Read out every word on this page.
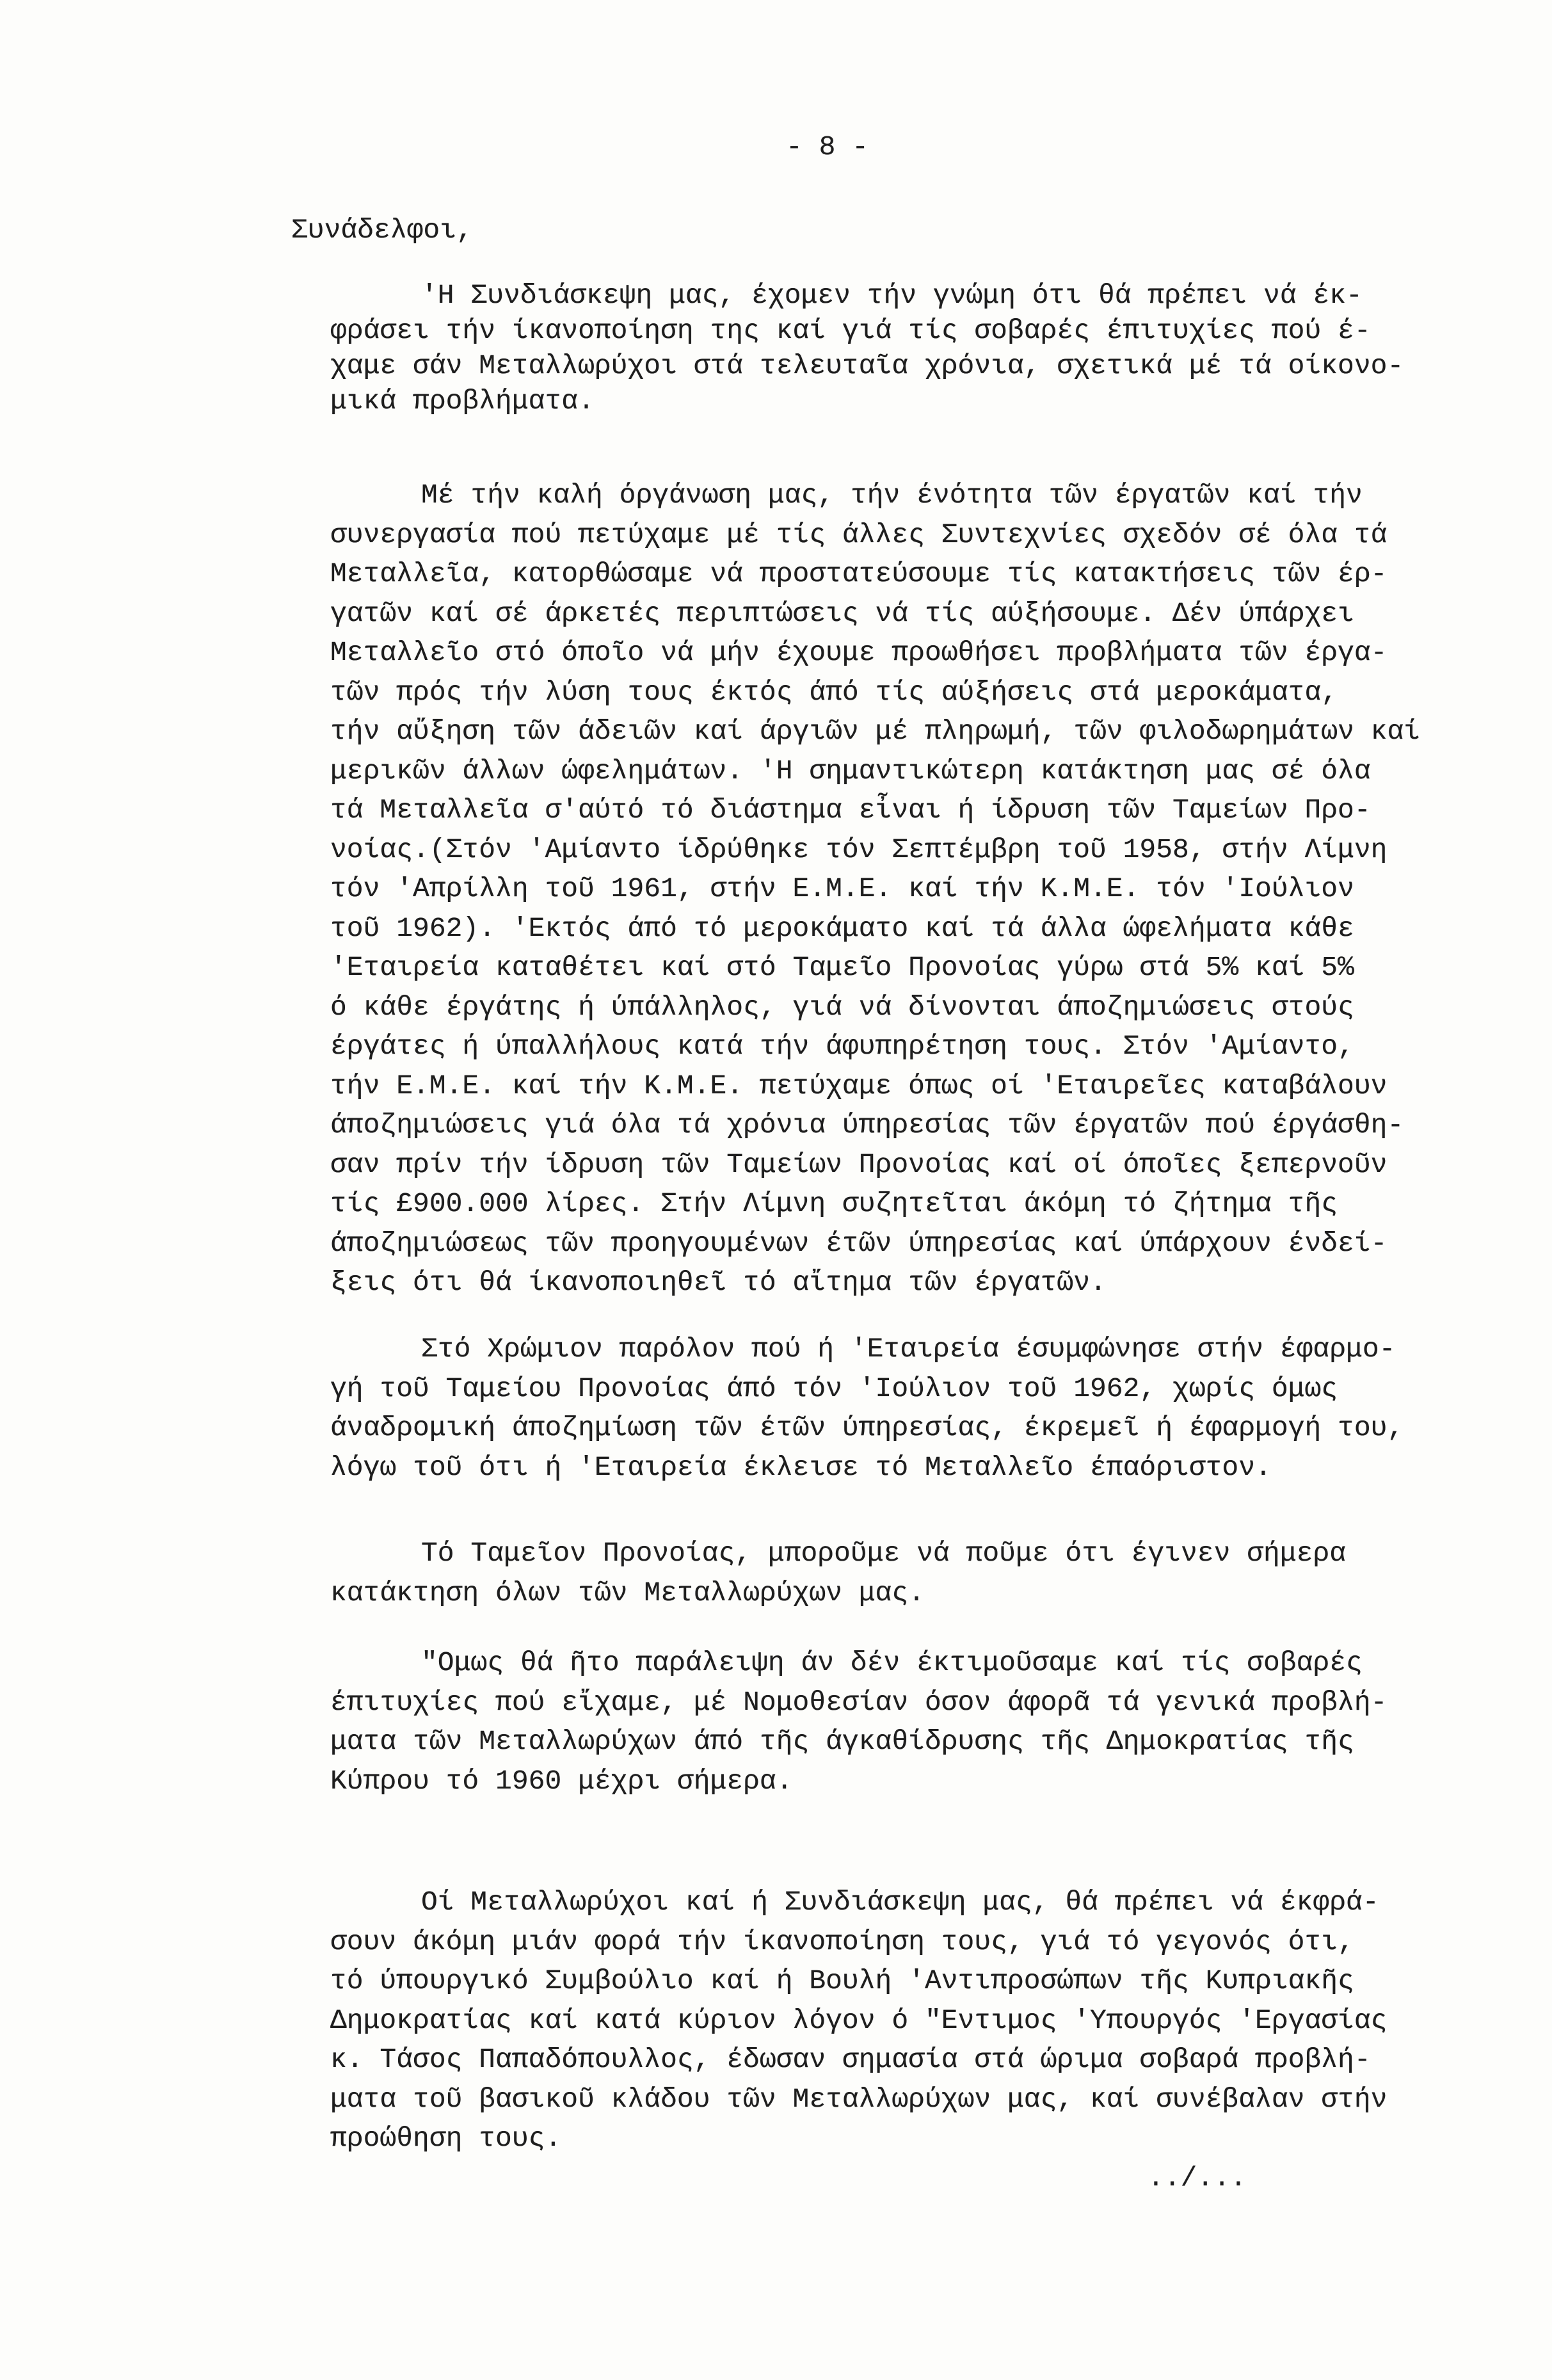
- 8 -
Συνάδελφοι,
'Η Συνδιάσκεψη μας, έχομεν τήν γνώμη ότι θά πρέπει νά έκ-
φράσει τήν ίκανοποίηση της καί γιά τίς σοβαρές έπιτυχίες πού έ-
χαμε σάν Μεταλλωρύχοι στά τελευταῖα χρόνια, σχετικά μέ τά οίκονο-
μικά προβλήματα.
Μέ τήν καλή όργάνωση μας, τήν ένότητα τῶν έργατῶν καί τήν
συνεργασία πού πετύχαμε μέ τίς άλλες Συντεχνίες σχεδόν σέ όλα τά
Μεταλλεῖα, κατορθώσαμε νά προστατεύσουμε τίς κατακτήσεις τῶν έρ-
γατῶν καί σέ άρκετές περιπτώσεις νά τίς αύξήσουμε. Δέν ύπάρχει
Μεταλλεῖο στό όποῖο νά μήν έχουμε προωθήσει προβλήματα τῶν έργα-
τῶν πρός τήν λύση τους έκτός άπό τίς αύξήσεις στά μεροκάματα,
τήν αὔξηση τῶν άδειῶν καί άργιῶν μέ πληρωμή, τῶν φιλοδωρημάτων καί
μερικῶν άλλων ώφελημάτων. 'Η σημαντικώτερη κατάκτηση μας σέ όλα
τά Μεταλλεῖα σ'αύτό τό διάστημα εἶναι ή ίδρυση τῶν Ταμείων Προ-
νοίας.(Στόν 'Αμίαντο ίδρύθηκε τόν Σεπτέμβρη τοῦ 1958, στήν Λίμνη
τόν 'Απρίλλη τοῦ 1961, στήν Ε.Μ.Ε. καί τήν Κ.Μ.Ε. τόν 'Ιούλιον
τοῦ 1962). 'Εκτός άπό τό μεροκάματο καί τά άλλα ώφελήματα κάθε
'Εταιρεία καταθέτει καί στό Ταμεῖο Προνοίας γύρω στά 5% καί 5%
ό κάθε έργάτης ή ύπάλληλος, γιά νά δίνονται άποζημιώσεις στούς
έργάτες ή ύπαλλήλους κατά τήν άφυπηρέτηση τους. Στόν 'Αμίαντο,
τήν Ε.Μ.Ε. καί τήν Κ.Μ.Ε. πετύχαμε όπως οί 'Εταιρεῖες καταβάλουν
άποζημιώσεις γιά όλα τά χρόνια ύπηρεσίας τῶν έργατῶν πού έργάσθη-
σαν πρίν τήν ίδρυση τῶν Ταμείων Προνοίας καί οί όποῖες ξεπερνοῦν
τίς £900.000 λίρες. Στήν Λίμνη συζητεῖται άκόμη τό ζήτημα τῆς
άποζημιώσεως τῶν προηγουμένων έτῶν ύπηρεσίας καί ύπάρχουν ένδεί-
ξεις ότι θά ίκανοποιηθεῖ τό αἴτημα τῶν έργατῶν.
Στό Χρώμιον παρόλον πού ή 'Εταιρεία έσυμφώνησε στήν έφαρμο-
γή τοῦ Ταμείου Προνοίας άπό τόν 'Ιούλιον τοῦ 1962, χωρίς όμως
άναδρομική άποζημίωση τῶν έτῶν ύπηρεσίας, έκρεμεῖ ή έφαρμογή του,
λόγω τοῦ ότι ή 'Εταιρεία έκλεισε τό Μεταλλεῖο έπαόριστον.
Τό Ταμεῖον Προνοίας, μποροῦμε νά ποῦμε ότι έγινεν σήμερα
κατάκτηση όλων τῶν Μεταλλωρύχων μας.
"Ομως θά ῆτο παράλειψη άν δέν έκτιμοῦσαμε καί τίς σοβαρές
έπιτυχίες πού εἴχαμε, μέ Νομοθεσίαν όσον άφορᾶ τά γενικά προβλή-
ματα τῶν Μεταλλωρύχων άπό τῆς άγκαθίδρυσης τῆς Δημοκρατίας τῆς
Κύπρου τό 1960 μέχρι σήμερα.
Οί Μεταλλωρύχοι καί ή Συνδιάσκεψη μας, θά πρέπει νά έκφρά-
σουν άκόμη μιάν φορά τήν ίκανοποίηση τους, γιά τό γεγονός ότι,
τό ύπουργικό Συμβούλιο καί ή Βουλή 'Αντιπροσώπων τῆς Κυπριακῆς
Δημοκρατίας καί κατά κύριον λόγον ό "Εντιμος 'Υπουργός 'Εργασίας
κ. Τάσος Παπαδόπουλλος, έδωσαν σημασία στά ώριμα σοβαρά προβλή-
ματα τοῦ βασικοῦ κλάδου τῶν Μεταλλωρύχων μας, καί συνέβαλαν στήν
προώθηση τους.
../...
